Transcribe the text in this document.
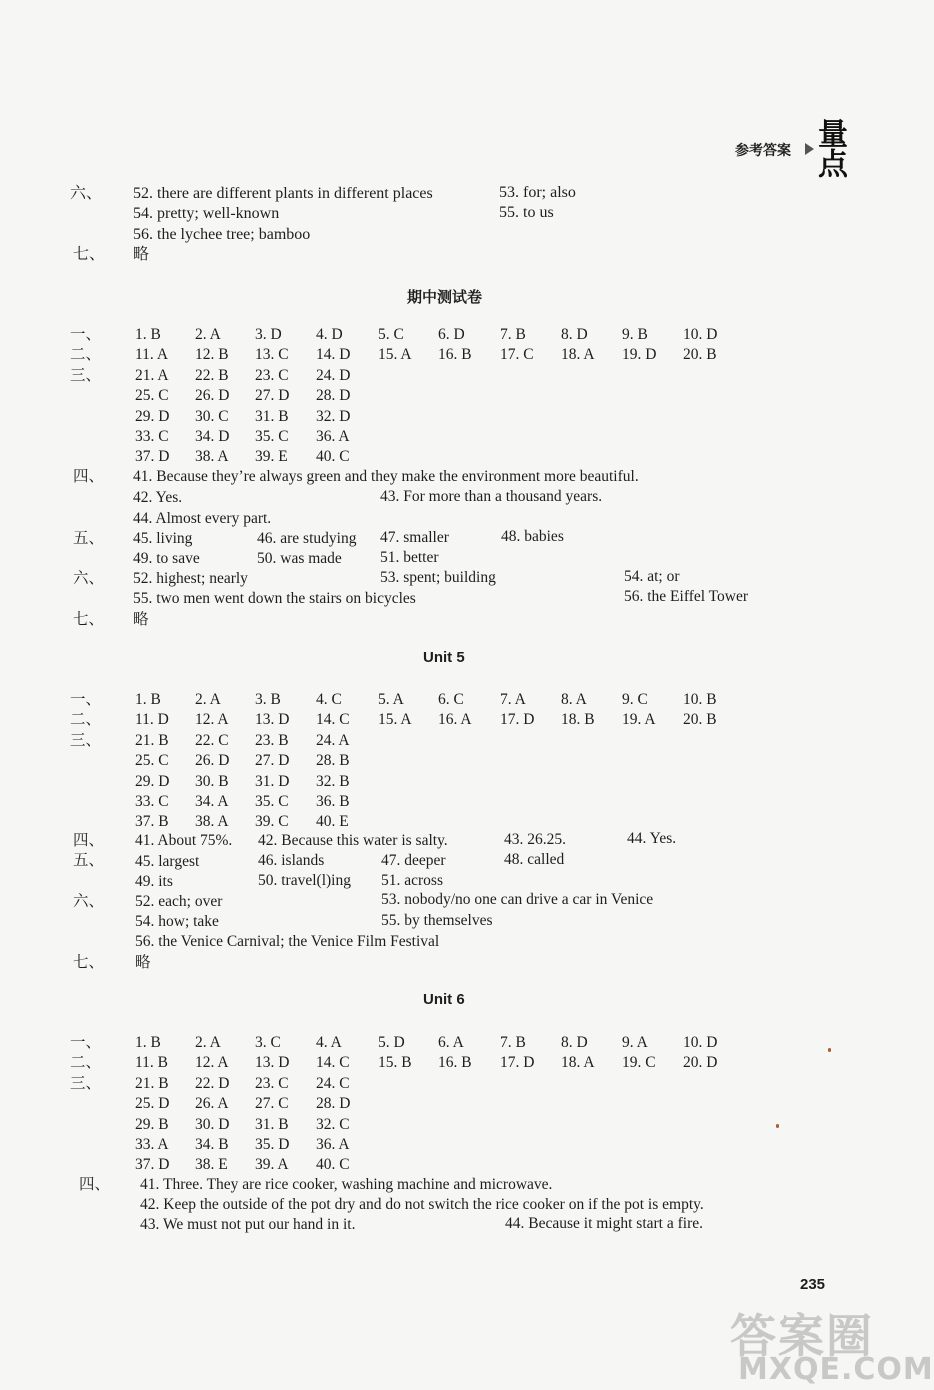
参考答案 量点
六、 52. there are different plants in different places	53. for; also
54. pretty; well-known	55. to us
56. the lychee tree; bamboo
七、 略
期中测试卷
一、 1. B 2. A 3. D 4. D 5. C 6. D 7. B 8. D 9. B 10. D
二、 11. A 12. B 13. C 14. D 15. A 16. B 17. C 18. A 19. D 20. B
三、 21. A 22. B 23. C 24. D
25. C 26. D 27. D 28. D
29. D 30. C 31. B 32. D
33. C 34. D 35. C 36. A
37. D 38. A 39. E 40. C
四、 41. Because they’re always green and they make the environment more beautiful.
42. Yes.	43. For more than a thousand years.
44. Almost every part.
五、 45. living	46. are studying 47. smaller	48. babies
49. to save	50. was made 51. better
六、 52. highest; nearly	53. spent; building	54. at; or
55. two men went down the stairs on bicycles	56. the Eiffel Tower
七、 略
Unit 5
一、 1. B 2. A 3. B 4. C 5. A 6. C 7. A 8. A 9. C 10. B
二、 11. D 12. A 13. D 14. C 15. A 16. A 17. D 18. B 19. A 20. B
三、 21. B 22. C 23. B 24. A
25. C 26. D 27. D 28. B
29. D 30. B 31. D 32. B
33. C 34. A 35. C 36. B
37. B 38. A 39. C 40. E
四、 41. About 75%. 42. Because this water is salty.	43. 26.25.	44. Yes.
五、 45. largest	46. islands	47. deeper	48. called
49. its	50. travel(l)ing 51. across
六、 52. each; over	53. nobody/no one can drive a car in Venice
54. how; take	55. by themselves
56. the Venice Carnival; the Venice Film Festival
七、 略
Unit 6
一、 1. B 2. A 3. C 4. A 5. D 6. A 7. B 8. D 9. A 10. D
二、 11. B 12. A 13. D 14. C 15. B 16. B 17. D 18. A 19. C 20. D
三、 21. B 22. D 23. C 24. C
25. D 26. A 27. C 28. D
29. B 30. D 31. B 32. C
33. A 34. B 35. D 36. A
37. D 38. E 39. A 40. C
四、 41. Three. They are rice cooker, washing machine and microwave.
42. Keep the outside of the pot dry and do not switch the rice cooker on if the pot is empty.
43. We must not put our hand in it.	44. Because it might start a fire.
235
答案圈
MXQE.COM
